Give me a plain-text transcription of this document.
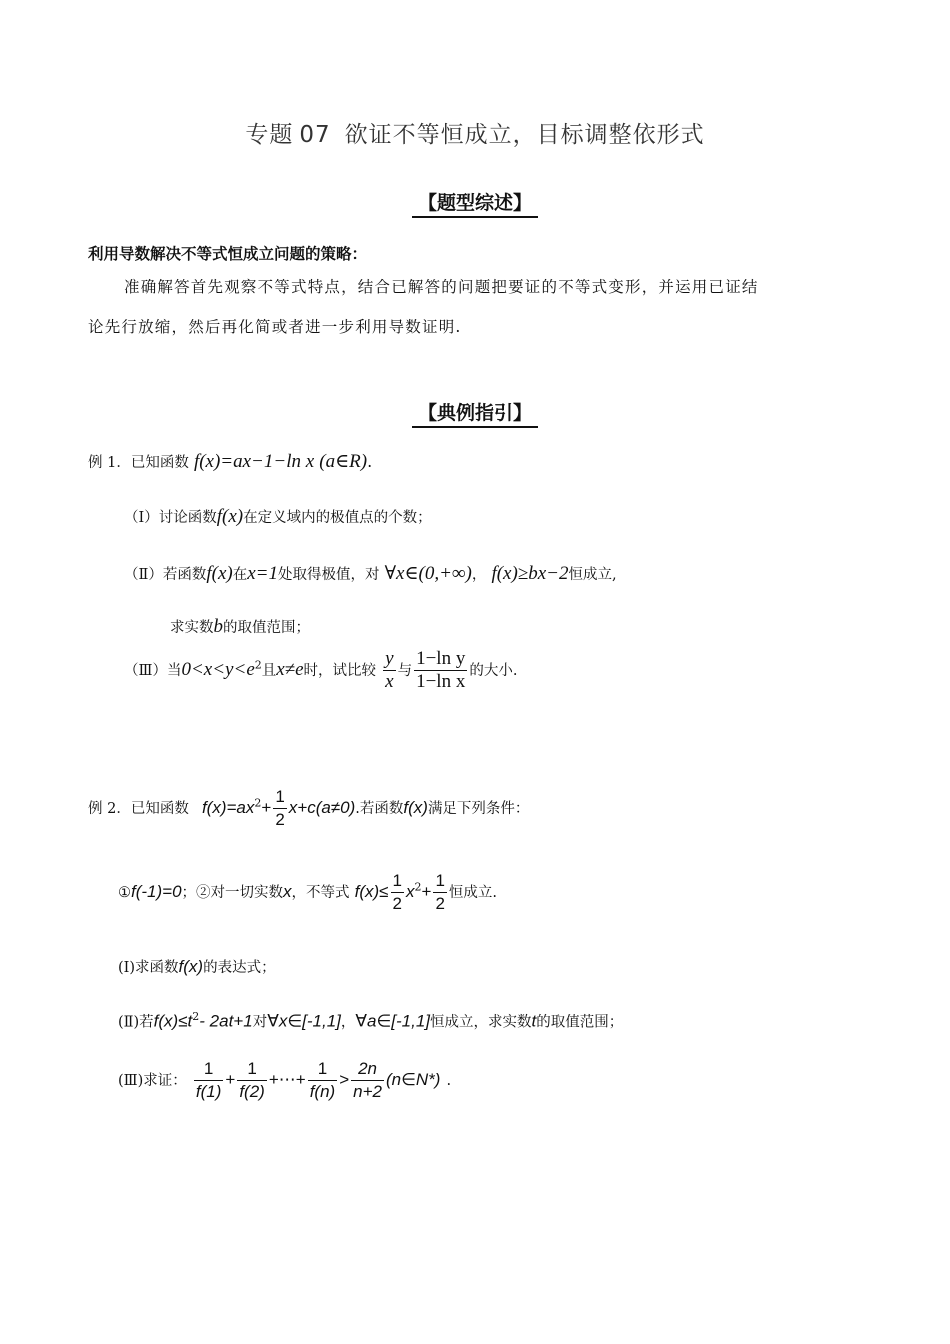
专题 07 欲证不等恒成立，目标调整依形式
【题型综述】
利用导数解决不等式恒成立问题的策略：
准确解答首先观察不等式特点，结合已解答的问题把要证的不等式变形，并运用已证结
论先行放缩，然后再化简或者进一步利用导数证明.
【典例指引】
例 1．已知函数 f(x)=ax−1−ln x (a∈R).
（Ⅰ）讨论函数f(x)在定义域内的极值点的个数；
（Ⅱ）若函数f(x)在x=1处取得极值，对 ∀x∈(0,+∞)， f(x)≥bx−2恒成立,
求实数b的取值范围；
（Ⅲ）当$0<x<y<e^2$且x≠e时，试比较 $\frac{y}{x}$ 与 $\frac{\text{1−ln y}}{\text{1−ln x}}$ 的大小.
例 2．已知函数 $f(x)=ax^2+ \frac{1}{2} x+c(a\ne 0)$.若函数f(x)满足下列条件：
①f(-1)=0；②对一切实数x，不等式 $f(x)\le \frac{1}{2} x^2+ \frac{1}{2}$ 恒成立.
(Ⅰ)求函数f(x)的表达式；
(Ⅱ)若$f(x)\le t^2-$ 2at+1对∀x∈[-1,1]，∀a∈[-1,1]恒成立，求实数t的取值范围；
(Ⅲ)求证： $\frac{1}{f(1)} + \frac{1}{f(2)}$ +⋯+ $\frac{1}{f(n)} > \frac{2n}{n+2}$ (n∈N*) .
